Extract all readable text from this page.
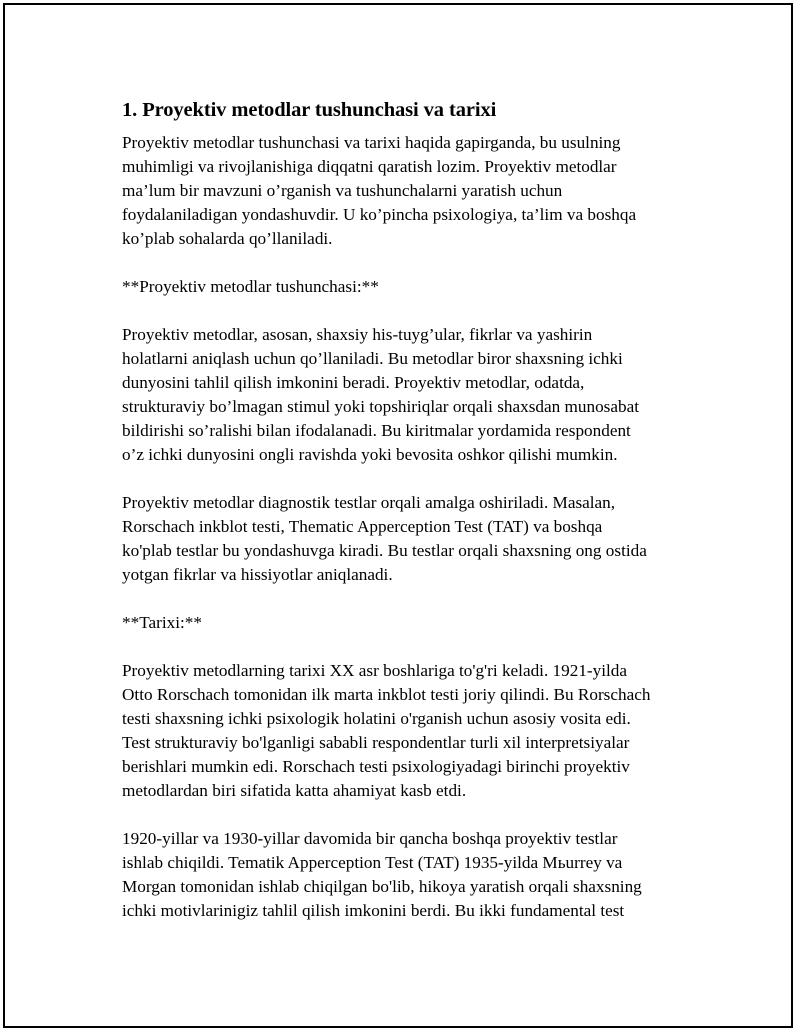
1. Proyektiv metodlar tushunchasi va tarixi

Proyektiv metodlar tushunchasi va tarixi haqida gapirganda, bu usulning
muhimligi va rivojlanishiga diqqatni qaratish lozim. Proyektiv metodlar
ma’lum bir mavzuni o’rganish va tushunchalarni yaratish uchun
foydalaniladigan yondashuvdir. U ko’pincha psixologiya, ta’lim va boshqa
ko’plab sohalarda qo’llaniladi.

**Proyektiv metodlar tushunchasi:**

Proyektiv metodlar, asosan, shaxsiy his-tuyg’ular, fikrlar va yashirin
holatlarni aniqlash uchun qo’llaniladi. Bu metodlar biror shaxsning ichki
dunyosini tahlil qilish imkonini beradi. Proyektiv metodlar, odatda,
strukturaviy bo’lmagan stimul yoki topshiriqlar orqali shaxsdan munosabat
bildirishi so’ralishi bilan ifodalanadi. Bu kiritmalar yordamida respondent
o’z ichki dunyosini ongli ravishda yoki bevosita oshkor qilishi mumkin.

Proyektiv metodlar diagnostik testlar orqali amalga oshiriladi. Masalan,
Rorschach inkblot testi, Thematic Apperception Test (TAT) va boshqa
ko'plab testlar bu yondashuvga kiradi. Bu testlar orqali shaxsning ong ostida
yotgan fikrlar va hissiyotlar aniqlanadi.

**Tarixi:**

Proyektiv metodlarning tarixi XX asr boshlariga to'g'ri keladi. 1921-yilda
Otto Rorschach tomonidan ilk marta inkblot testi joriy qilindi. Bu Rorschach
testi shaxsning ichki psixologik holatini o'rganish uchun asosiy vosita edi.
Test strukturaviy bo'lganligi sababli respondentlar turli xil interpretsiyalar
berishlari mumkin edi. Rorschach testi psixologiyadagi birinchi proyektiv
metodlardan biri sifatida katta ahamiyat kasb etdi.

1920-yillar va 1930-yillar davomida bir qancha boshqa proyektiv testlar
ishlab chiqildi. Tematik Apperception Test (TAT) 1935-yilda Mьurrey va
Morgan tomonidan ishlab chiqilgan bo'lib, hikoya yaratish orqali shaxsning
ichki motivlarinigiz tahlil qilish imkonini berdi. Bu ikki fundamental test
